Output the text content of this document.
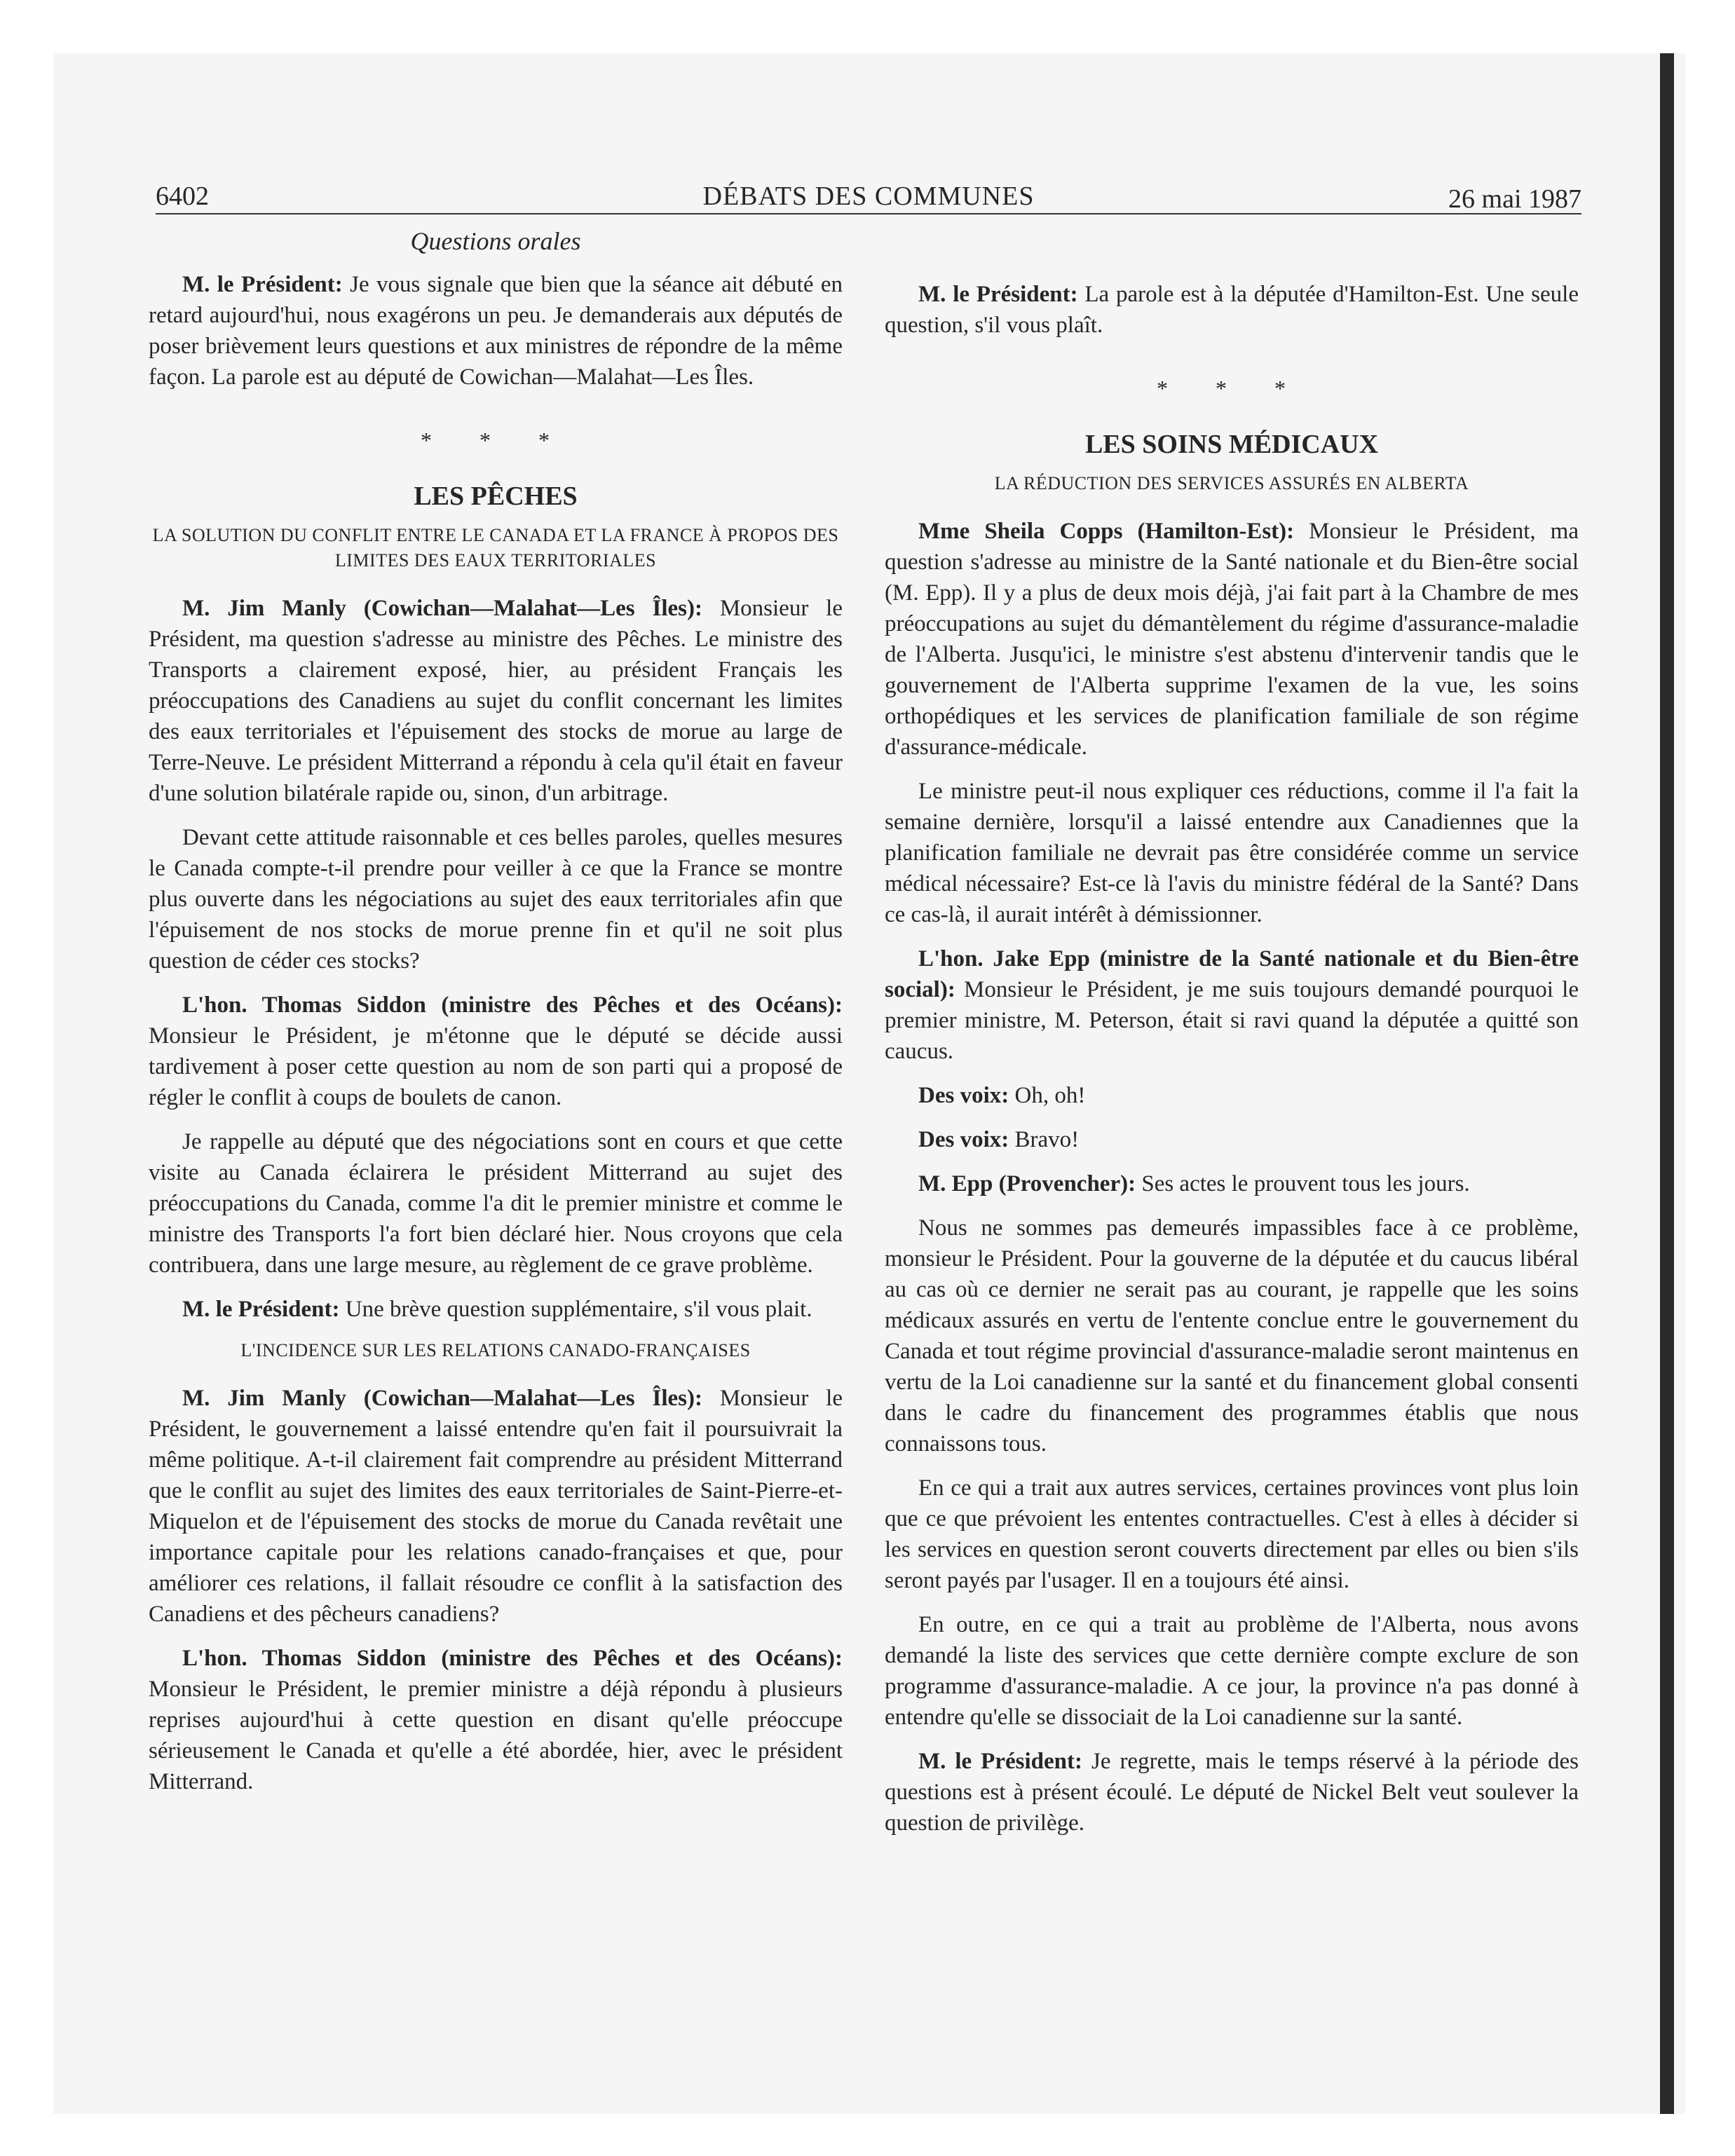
6402	DÉBATS DES COMMUNES	26 mai 1987
Questions orales

M. le Président: Je vous signale que bien que la séance ait débuté en retard aujourd'hui, nous exagérons un peu. Je demanderais aux députés de poser brièvement leurs questions et aux ministres de répondre de la même façon. La parole est au député de Cowichan—Malahat—Les Îles.

* * *
LES PÊCHES
LA SOLUTION DU CONFLIT ENTRE LE CANADA ET LA FRANCE À PROPOS DES LIMITES DES EAUX TERRITORIALES

M. Jim Manly (Cowichan—Malahat—Les Îles): Monsieur le Président, ma question s'adresse au ministre des Pêches. Le ministre des Transports a clairement exposé, hier, au président Français les préoccupations des Canadiens au sujet du conflit concernant les limites des eaux territoriales et l'épuisement des stocks de morue au large de Terre-Neuve. Le président Mitterrand a répondu à cela qu'il était en faveur d'une solution bilatérale rapide ou, sinon, d'un arbitrage.

Devant cette attitude raisonnable et ces belles paroles, quelles mesures le Canada compte-t-il prendre pour veiller à ce que la France se montre plus ouverte dans les négociations au sujet des eaux territoriales afin que l'épuisement de nos stocks de morue prenne fin et qu'il ne soit plus question de céder ces stocks?

L'hon. Thomas Siddon (ministre des Pêches et des Océans): Monsieur le Président, je m'étonne que le député se décide aussi tardivement à poser cette question au nom de son parti qui a proposé de régler le conflit à coups de boulets de canon.

Je rappelle au député que des négociations sont en cours et que cette visite au Canada éclairera le président Mitterrand au sujet des préoccupations du Canada, comme l'a dit le premier ministre et comme le ministre des Transports l'a fort bien déclaré hier. Nous croyons que cela contribuera, dans une large mesure, au règlement de ce grave problème.

M. le Président: Une brève question supplémentaire, s'il vous plait.

L'INCIDENCE SUR LES RELATIONS CANADO-FRANÇAISES

M. Jim Manly (Cowichan—Malahat—Les Îles): Monsieur le Président, le gouvernement a laissé entendre qu'en fait il poursuivrait la même politique. A-t-il clairement fait comprendre au président Mitterrand que le conflit au sujet des limites des eaux territoriales de Saint-Pierre-et-Miquelon et de l'épuisement des stocks de morue du Canada revêtait une importance capitale pour les relations canado-françaises et que, pour améliorer ces relations, il fallait résoudre ce conflit à la satisfaction des Canadiens et des pêcheurs canadiens?

L'hon. Thomas Siddon (ministre des Pêches et des Océans): Monsieur le Président, le premier ministre a déjà répondu à plusieurs reprises aujourd'hui à cette question en disant qu'elle préoccupe sérieusement le Canada et qu'elle a été abordée, hier, avec le président Mitterrand.

M. le Président: La parole est à la députée d'Hamilton-Est. Une seule question, s'il vous plaît.

* * *
LES SOINS MÉDICAUX
LA RÉDUCTION DES SERVICES ASSURÉS EN ALBERTA

Mme Sheila Copps (Hamilton-Est): Monsieur le Président, ma question s'adresse au ministre de la Santé nationale et du Bien-être social (M. Epp). Il y a plus de deux mois déjà, j'ai fait part à la Chambre de mes préoccupations au sujet du démantèlement du régime d'assurance-maladie de l'Alberta. Jusqu'ici, le ministre s'est abstenu d'intervenir tandis que le gouvernement de l'Alberta supprime l'examen de la vue, les soins orthopédiques et les services de planification familiale de son régime d'assurance-médicale.

Le ministre peut-il nous expliquer ces réductions, comme il l'a fait la semaine dernière, lorsqu'il a laissé entendre aux Canadiennes que la planification familiale ne devrait pas être considérée comme un service médical nécessaire? Est-ce là l'avis du ministre fédéral de la Santé? Dans ce cas-là, il aurait intérêt à démissionner.

L'hon. Jake Epp (ministre de la Santé nationale et du Bien-être social): Monsieur le Président, je me suis toujours demandé pourquoi le premier ministre, M. Peterson, était si ravi quand la députée a quitté son caucus.

Des voix: Oh, oh!

Des voix: Bravo!

M. Epp (Provencher): Ses actes le prouvent tous les jours.

Nous ne sommes pas demeurés impassibles face à ce problème, monsieur le Président. Pour la gouverne de la députée et du caucus libéral au cas où ce dernier ne serait pas au courant, je rappelle que les soins médicaux assurés en vertu de l'entente conclue entre le gouvernement du Canada et tout régime provincial d'assurance-maladie seront maintenus en vertu de la Loi canadienne sur la santé et du financement global consenti dans le cadre du financement des programmes établis que nous connaissons tous.

En ce qui a trait aux autres services, certaines provinces vont plus loin que ce que prévoient les ententes contractuelles. C'est à elles à décider si les services en question seront couverts directement par elles ou bien s'ils seront payés par l'usager. Il en a toujours été ainsi.

En outre, en ce qui a trait au problème de l'Alberta, nous avons demandé la liste des services que cette dernière compte exclure de son programme d'assurance-maladie. A ce jour, la province n'a pas donné à entendre qu'elle se dissociait de la Loi canadienne sur la santé.

M. le Président: Je regrette, mais le temps réservé à la période des questions est à présent écoulé. Le député de Nickel Belt veut soulever la question de privilège.
